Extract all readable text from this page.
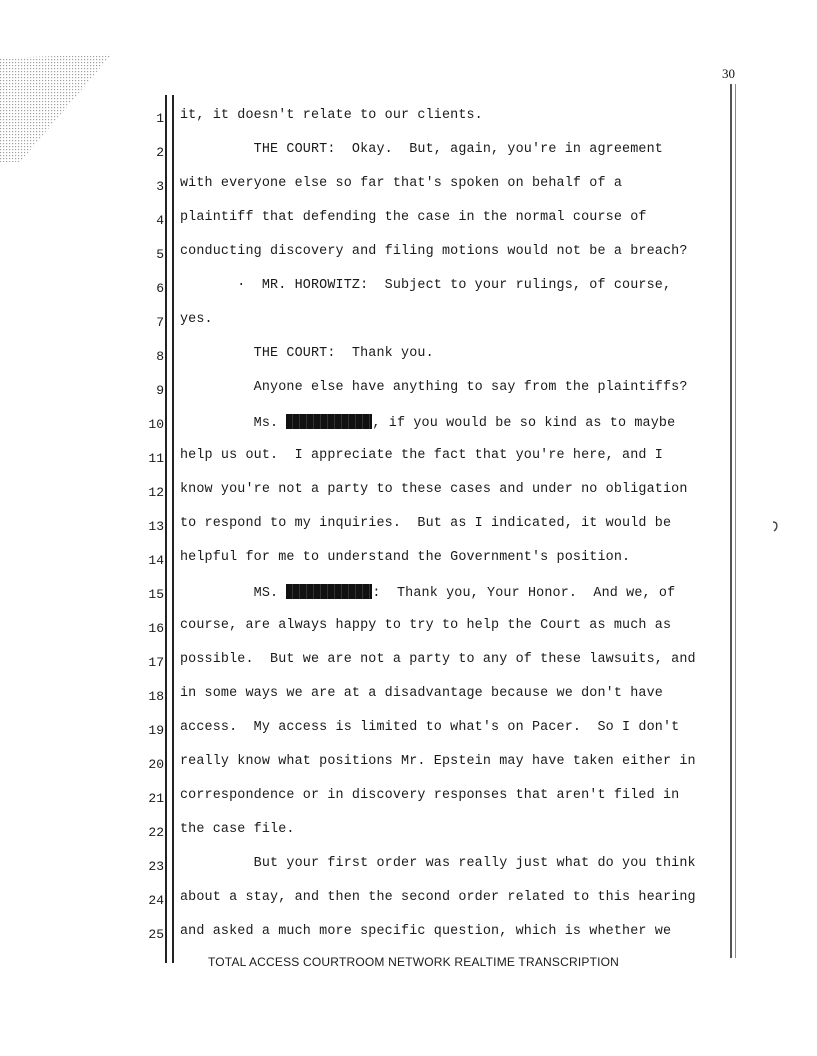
30
1 it, it doesn't relate to our clients.
2 THE COURT:  Okay.  But, again, you're in agreement
3 with everyone else so far that's spoken on behalf of a
4 plaintiff that defending the case in the normal course of
5 conducting discovery and filing motions would not be a breach?
6 ·  MR. HOROWITZ:  Subject to your rulings, of course,
7 yes.
8 THE COURT:  Thank you.
9 Anyone else have anything to say from the plaintiffs?
10 Ms.	, if you would be so kind as to maybe
11 help us out.  I appreciate the fact that you're here, and I
12 know you're not a party to these cases and under no obligation
13 to respond to my inquiries.  But as I indicated, it would be
14 helpful for me to understand the Government's position.
15 MS.	:  Thank you, Your Honor.  And we, of
16 course, are always happy to try to help the Court as much as
17 possible.  But we are not a party to any of these lawsuits, and
18 in some ways we are at a disadvantage because we don't have
19 access.  My access is limited to what's on Pacer.  So I don't
20 really know what positions Mr. Epstein may have taken either in
21 correspondence or in discovery responses that aren't filed in
22 the case file.
23 But your first order was really just what do you think
24 about a stay, and then the second order related to this hearing
25 and asked a much more specific question, which is whether we
TOTAL ACCESS COURTROOM NETWORK REALTIME TRANSCRIPTION
